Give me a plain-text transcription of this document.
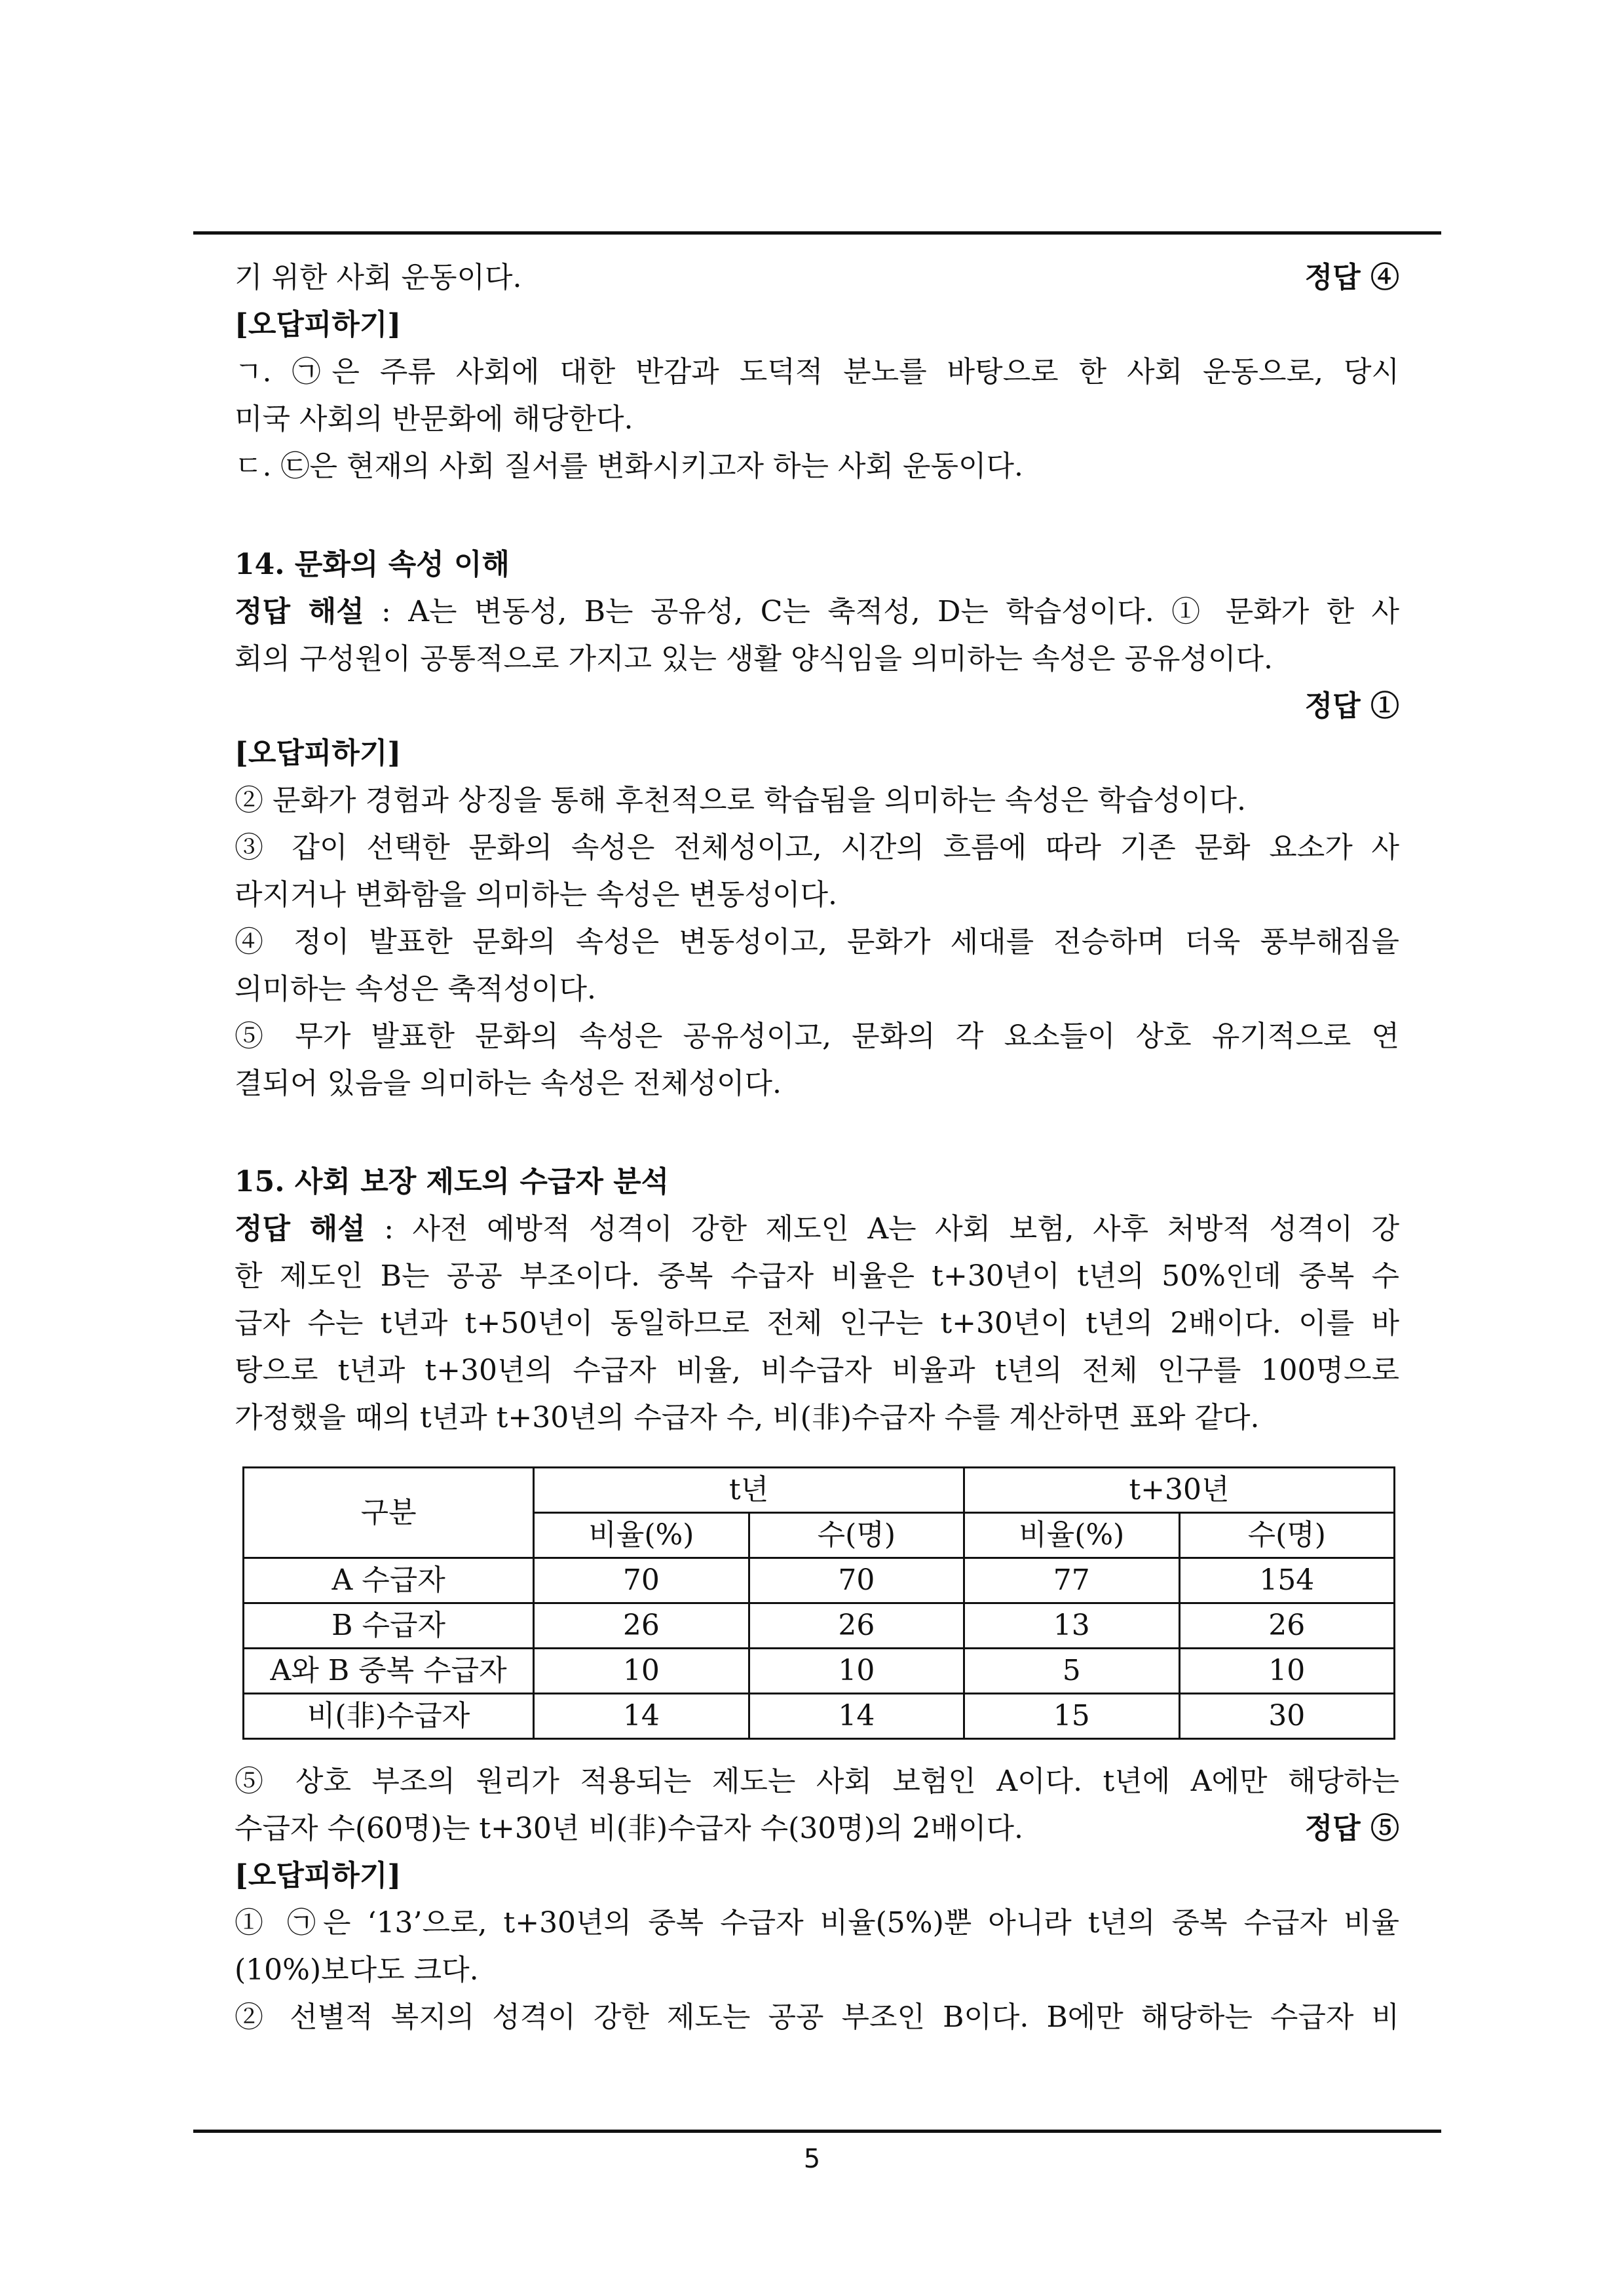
기 위한 사회 운동이다.	정답 ④
[오답피하기]
ㄱ. ㉠은 주류 사회에 대한 반감과 도덕적 분노를 바탕으로 한 사회 운동으로, 당시
미국 사회의 반문화에 해당한다.
ㄷ. ㉢은 현재의 사회 질서를 변화시키고자 하는 사회 운동이다.
14. 문화의 속성 이해
정답 해설 : A는 변동성, B는 공유성, C는 축적성, D는 학습성이다. ① 문화가 한 사
회의 구성원이 공통적으로 가지고 있는 생활 양식임을 의미하는 속성은 공유성이다.
정답 ①
[오답피하기]
② 문화가 경험과 상징을 통해 후천적으로 학습됨을 의미하는 속성은 학습성이다.
③ 갑이 선택한 문화의 속성은 전체성이고, 시간의 흐름에 따라 기존 문화 요소가 사
라지거나 변화함을 의미하는 속성은 변동성이다.
④ 정이 발표한 문화의 속성은 변동성이고, 문화가 세대를 전승하며 더욱 풍부해짐을
의미하는 속성은 축적성이다.
⑤ 무가 발표한 문화의 속성은 공유성이고, 문화의 각 요소들이 상호 유기적으로 연
결되어 있음을 의미하는 속성은 전체성이다.
15. 사회 보장 제도의 수급자 분석
정답 해설 : 사전 예방적 성격이 강한 제도인 A는 사회 보험, 사후 처방적 성격이 강
한 제도인 B는 공공 부조이다. 중복 수급자 비율은 t+30년이 t년의 50%인데 중복 수
급자 수는 t년과 t+50년이 동일하므로 전체 인구는 t+30년이 t년의 2배이다. 이를 바
탕으로 t년과 t+30년의 수급자 비율, 비수급자 비율과 t년의 전체 인구를 100명으로
가정했을 때의 t년과 t+30년의 수급자 수, 비(非)수급자 수를 계산하면 표와 같다.
구분	t년		t+30년	
	비율(%)	수(명)	비율(%)	수(명)
A 수급자	70	70	77	154
B 수급자	26	26	13	26
A와 B 중복 수급자	10	10	5	10
비(非)수급자	14	14	15	30
⑤ 상호 부조의 원리가 적용되는 제도는 사회 보험인 A이다. t년에 A에만 해당하는
수급자 수(60명)는 t+30년 비(非)수급자 수(30명)의 2배이다.	정답 ⑤
[오답피하기]
① ㉠은 ‘13’으로, t+30년의 중복 수급자 비율(5%)뿐 아니라 t년의 중복 수급자 비율
(10%)보다도 크다.
② 선별적 복지의 성격이 강한 제도는 공공 부조인 B이다. B에만 해당하는 수급자 비
5
